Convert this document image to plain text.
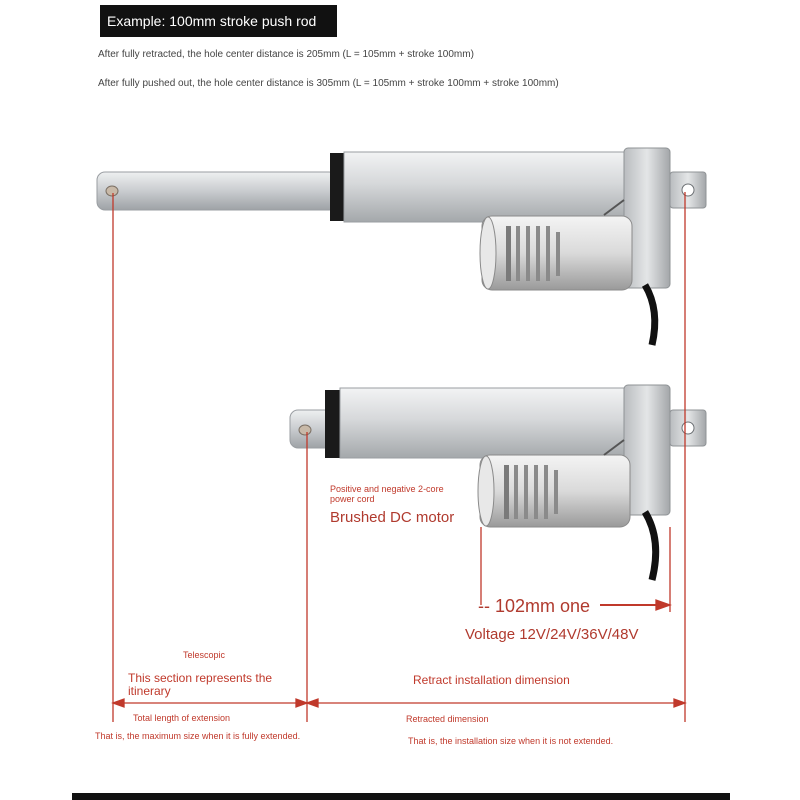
Example: 100mm stroke push rod
After fully retracted, the hole center distance is 205mm (L = 105mm + stroke 100mm)
After fully pushed out, the hole center distance is 305mm (L = 105mm + stroke 100mm + stroke 100mm)
Positive and negative 2-core power cord
Brushed DC motor
-- 102mm one
Voltage 12V/24V/36V/48V
Telescopic
This section represents the itinerary
Retract installation dimension
Total length of extension
That is, the maximum size when it is fully extended.
Retracted dimension
That is, the installation size when it is not extended.
